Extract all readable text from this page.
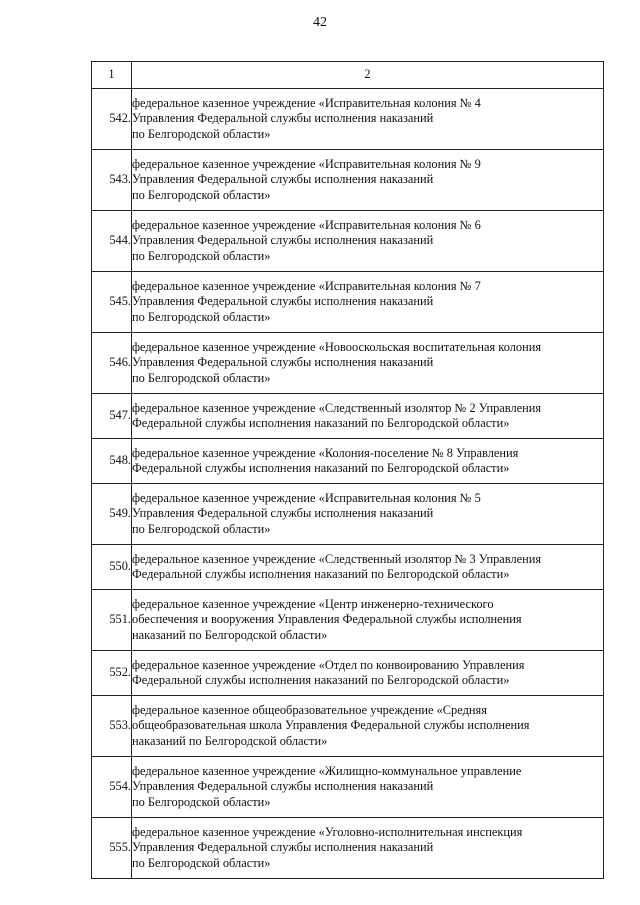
42
1	2
542.	федеральное казенное учреждение «Исправительная колония № 4
Управления Федеральной службы исполнения наказаний
по Белгородской области»

543.	федеральное казенное учреждение «Исправительная колония № 9
Управления Федеральной службы исполнения наказаний
по Белгородской области»

544.	федеральное казенное учреждение «Исправительная колония № 6
Управления Федеральной службы исполнения наказаний
по Белгородской области»

545.	федеральное казенное учреждение «Исправительная колония № 7
Управления Федеральной службы исполнения наказаний
по Белгородской области»

546.	федеральное казенное учреждение «Новооскольская воспитательная колония
Управления Федеральной службы исполнения наказаний
по Белгородской области»

547.	федеральное казенное учреждение «Следственный изолятор № 2 Управления
Федеральной службы исполнения наказаний по Белгородской области»

548.	федеральное казенное учреждение «Колония-поселение № 8 Управления
Федеральной службы исполнения наказаний по Белгородской области»

549.	федеральное казенное учреждение «Исправительная колония № 5
Управления Федеральной службы исполнения наказаний
по Белгородской области»

550.	федеральное казенное учреждение «Следственный изолятор № 3 Управления
Федеральной службы исполнения наказаний по Белгородской области»

551.	федеральное казенное учреждение «Центр инженерно-технического
обеспечения и вооружения Управления Федеральной службы исполнения
наказаний по Белгородской области»

552.	федеральное казенное учреждение «Отдел по конвоированию Управления
Федеральной службы исполнения наказаний по Белгородской области»

553.	федеральное казенное общеобразовательное учреждение «Средняя
общеобразовательная школа Управления Федеральной службы исполнения
наказаний по Белгородской области»

554.	федеральное казенное учреждение «Жилищно-коммунальное управление
Управления Федеральной службы исполнения наказаний
по Белгородской области»

555.	федеральное казенное учреждение «Уголовно-исполнительная инспекция
Управления Федеральной службы исполнения наказаний
по Белгородской области»
